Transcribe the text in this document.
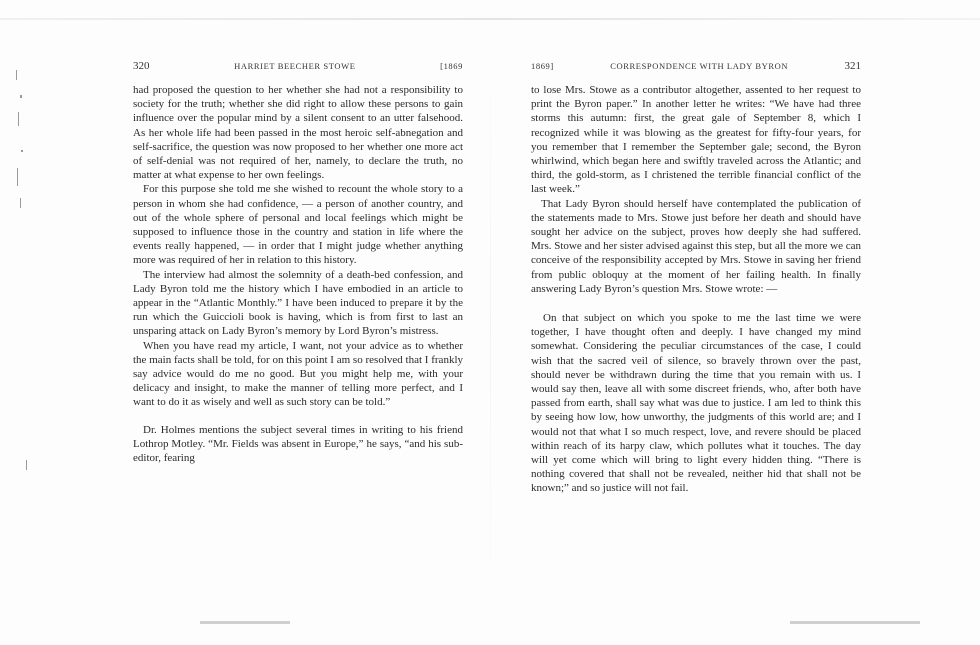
320	HARRIET BEECHER STOWE	[1869

had proposed the question to her whether she had not a responsibility to society for the truth; whether she did right to allow these persons to gain influence over the popular mind by a silent consent to an utter falsehood. As her whole life had been passed in the most heroic self-abnegation and self-sacrifice, the question was now proposed to her whether one more act of self-denial was not required of her, namely, to declare the truth, no matter at what expense to her own feelings.

For this purpose she told me she wished to recount the whole story to a person in whom she had confidence, — a person of another country, and out of the whole sphere of personal and local feelings which might be supposed to influence those in the country and station in life where the events really happened, — in order that I might judge whether anything more was required of her in relation to this history.

The interview had almost the solemnity of a death-bed confession, and Lady Byron told me the history which I have embodied in an article to appear in the “Atlantic Monthly.” I have been induced to prepare it by the run which the Guiccioli book is having, which is from first to last an unsparing attack on Lady Byron’s memory by Lord Byron’s mistress.

When you have read my article, I want, not your advice as to whether the main facts shall be told, for on this point I am so resolved that I frankly say advice would do me no good. But you might help me, with your delicacy and insight, to make the manner of telling more perfect, and I want to do it as wisely and well as such story can be told.”

Dr. Holmes mentions the subject several times in writing to his friend Lothrop Motley. “Mr. Fields was absent in Europe,” he says, “and his sub-editor, fearing

1869]	CORRESPONDENCE WITH LADY BYRON	321

to lose Mrs. Stowe as a contributor altogether, assented to her request to print the Byron paper.” In another letter he writes: “We have had three storms this autumn: first, the great gale of September 8, which I recognized while it was blowing as the greatest for fifty-four years, for you remember that I remember the September gale; second, the Byron whirlwind, which began here and swiftly traveled across the Atlantic; and third, the gold-storm, as I christened the terrible financial conflict of the last week.”

That Lady Byron should herself have contemplated the publication of the statements made to Mrs. Stowe just before her death and should have sought her advice on the subject, proves how deeply she had suffered. Mrs. Stowe and her sister advised against this step, but all the more we can conceive of the responsibility accepted by Mrs. Stowe in saving her friend from public obloquy at the moment of her failing health. In finally answering Lady Byron’s question Mrs. Stowe wrote: —

On that subject on which you spoke to me the last time we were together, I have thought often and deeply. I have changed my mind somewhat. Considering the peculiar circumstances of the case, I could wish that the sacred veil of silence, so bravely thrown over the past, should never be withdrawn during the time that you remain with us. I would say then, leave all with some discreet friends, who, after both have passed from earth, shall say what was due to justice. I am led to think this by seeing how low, how unworthy, the judgments of this world are; and I would not that what I so much respect, love, and revere should be placed within reach of its harpy claw, which pollutes what it touches. The day will yet come which will bring to light every hidden thing. “There is nothing covered that shall not be revealed, neither hid that shall not be known;” and so justice will not fail.
